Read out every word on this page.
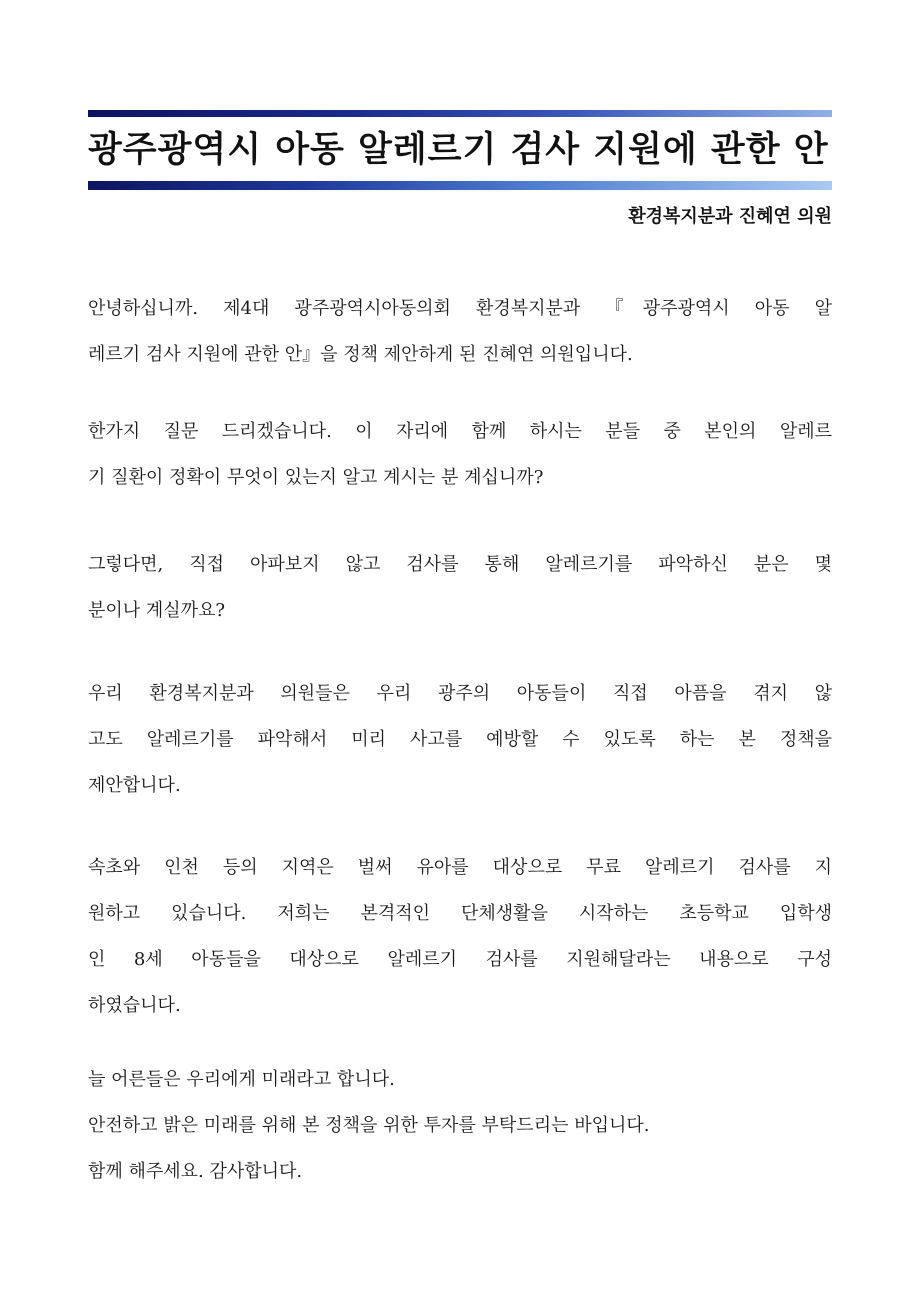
광주광역시 아동 알레르기 검사 지원에 관한 안
환경복지분과 진혜연 의원

안녕하십니까. 제4대 광주광역시아동의회 환경복지분과 『광주광역시 아동 알
레르기 검사 지원에 관한 안』을 정책 제안하게 된 진혜연 의원입니다.

한가지 질문 드리겠습니다. 이 자리에 함께 하시는 분들 중 본인의 알레르
기 질환이 정확이 무엇이 있는지 알고 계시는 분 계십니까?

그렇다면, 직접 아파보지 않고 검사를 통해 알레르기를 파악하신 분은 몇
분이나 계실까요?

우리 환경복지분과 의원들은 우리 광주의 아동들이 직접 아픔을 겪지 않
고도 알레르기를 파악해서 미리 사고를 예방할 수 있도록 하는 본 정책을
제안합니다.

속초와 인천 등의 지역은 벌써 유아를 대상으로 무료 알레르기 검사를 지
원하고 있습니다. 저희는 본격적인 단체생활을 시작하는 초등학교 입학생
인 8세 아동들을 대상으로 알레르기 검사를 지원해달라는 내용으로 구성
하였습니다.

늘 어른들은 우리에게 미래라고 합니다.
안전하고 밝은 미래를 위해 본 정책을 위한 투자를 부탁드리는 바입니다.
함께 해주세요. 감사합니다.
